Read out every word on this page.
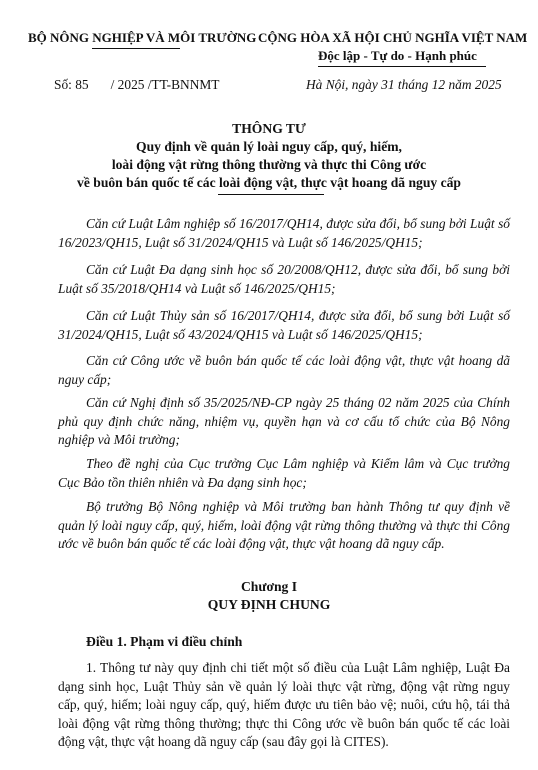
BỘ NÔNG NGHIỆP VÀ MÔI TRƯỜNG CỘNG HÒA XÃ HỘI CHỦ NGHĨA VIỆT NAM
Độc lập - Tự do - Hạnh phúc
Số: 85 / 2025 /TT-BNNMT	Hà Nội, ngày 31 tháng 12 năm 2025
THÔNG TƯ
Quy định về quản lý loài nguy cấp, quý, hiếm,
loài động vật rừng thông thường và thực thi Công ước
về buôn bán quốc tế các loài động vật, thực vật hoang dã nguy cấp
Căn cứ Luật Lâm nghiệp số 16/2017/QH14, được sửa đổi, bổ sung bởi Luật số 16/2023/QH15, Luật số 31/2024/QH15 và Luật số 146/2025/QH15;
Căn cứ Luật Đa dạng sinh học số 20/2008/QH12, được sửa đổi, bổ sung bởi Luật số 35/2018/QH14 và Luật số 146/2025/QH15;
Căn cứ Luật Thủy sản số 16/2017/QH14, được sửa đổi, bổ sung bởi Luật số 31/2024/QH15, Luật số 43/2024/QH15 và Luật số 146/2025/QH15;
Căn cứ Công ước về buôn bán quốc tế các loài động vật, thực vật hoang dã nguy cấp;
Căn cứ Nghị định số 35/2025/NĐ-CP ngày 25 tháng 02 năm 2025 của Chính phủ quy định chức năng, nhiệm vụ, quyền hạn và cơ cấu tổ chức của Bộ Nông nghiệp và Môi trường;
Theo đề nghị của Cục trưởng Cục Lâm nghiệp và Kiểm lâm và Cục trưởng Cục Bảo tồn thiên nhiên và Đa dạng sinh học;
Bộ trưởng Bộ Nông nghiệp và Môi trường ban hành Thông tư quy định về quản lý loài nguy cấp, quý, hiếm, loài động vật rừng thông thường và thực thi Công ước về buôn bán quốc tế các loài động vật, thực vật hoang dã nguy cấp.
Chương I
QUY ĐỊNH CHUNG
Điều 1. Phạm vi điều chỉnh
1. Thông tư này quy định chi tiết một số điều của Luật Lâm nghiệp, Luật Đa dạng sinh học, Luật Thủy sản về quản lý loài thực vật rừng, động vật rừng nguy cấp, quý, hiếm; loài nguy cấp, quý, hiếm được ưu tiên bảo vệ; nuôi, cứu hộ, tái thả loài động vật rừng thông thường; thực thi Công ước về buôn bán quốc tế các loài động vật, thực vật hoang dã nguy cấp (sau đây gọi là CITES).
